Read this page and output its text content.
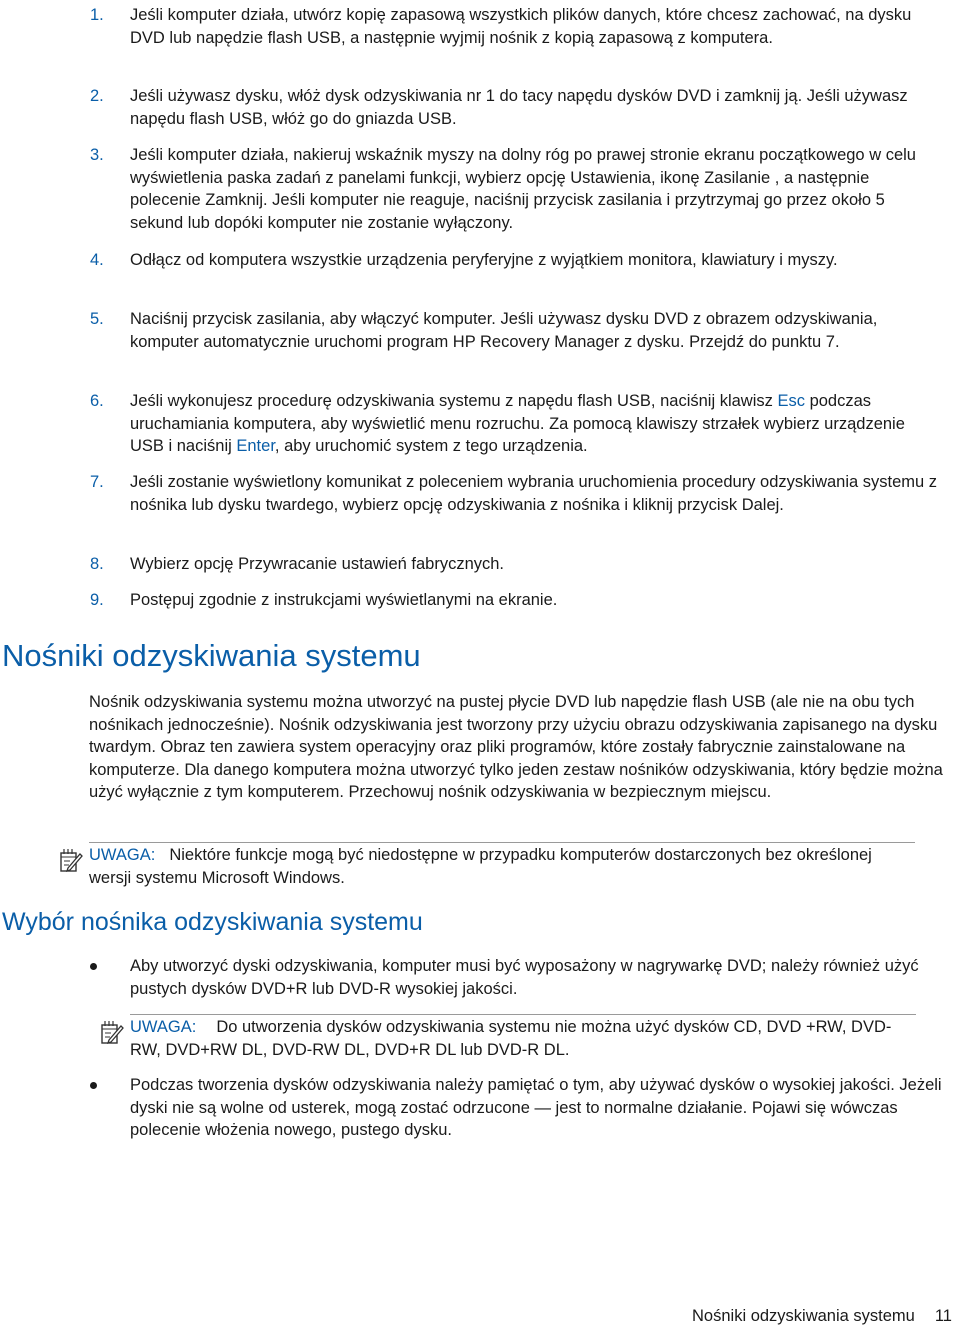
1. Jeśli komputer działa, utwórz kopię zapasową wszystkich plików danych, które chcesz zachować, na dysku DVD lub napędzie flash USB, a następnie wyjmij nośnik z kopią zapasową z komputera.
2. Jeśli używasz dysku, włóż dysk odzyskiwania nr 1 do tacy napędu dysków DVD i zamknij ją. Jeśli używasz napędu flash USB, włóż go do gniazda USB.
3. Jeśli komputer działa, nakieruj wskaźnik myszy na dolny róg po prawej stronie ekranu początkowego w celu wyświetlenia paska zadań z panelami funkcji, wybierz opcję Ustawienia, ikonę Zasilanie , a następnie polecenie Zamknij. Jeśli komputer nie reaguje, naciśnij przycisk zasilania i przytrzymaj go przez około 5 sekund lub dopóki komputer nie zostanie wyłączony.
4. Odłącz od komputera wszystkie urządzenia peryferyjne z wyjątkiem monitora, klawiatury i myszy.
5. Naciśnij przycisk zasilania, aby włączyć komputer. Jeśli używasz dysku DVD z obrazem odzyskiwania, komputer automatycznie uruchomi program HP Recovery Manager z dysku. Przejdź do punktu 7.
6. Jeśli wykonujesz procedurę odzyskiwania systemu z napędu flash USB, naciśnij klawisz Esc podczas uruchamiania komputera, aby wyświetlić menu rozruchu. Za pomocą klawiszy strzałek wybierz urządzenie USB i naciśnij Enter, aby uruchomić system z tego urządzenia.
7. Jeśli zostanie wyświetlony komunikat z poleceniem wybrania uruchomienia procedury odzyskiwania systemu z nośnika lub dysku twardego, wybierz opcję odzyskiwania z nośnika i kliknij przycisk Dalej.
8. Wybierz opcję Przywracanie ustawień fabrycznych.
9. Postępuj zgodnie z instrukcjami wyświetlanymi na ekranie.
Nośniki odzyskiwania systemu

Nośnik odzyskiwania systemu można utworzyć na pustej płycie DVD lub napędzie flash USB (ale nie na obu tych nośnikach jednocześnie). Nośnik odzyskiwania jest tworzony przy użyciu obrazu odzyskiwania zapisanego na dysku twardym. Obraz ten zawiera system operacyjny oraz pliki programów, które zostały fabrycznie zainstalowane na komputerze. Dla danego komputera można utworzyć tylko jeden zestaw nośników odzyskiwania, który będzie można użyć wyłącznie z tym komputerem. Przechowuj nośnik odzyskiwania w bezpiecznym miejscu.

UWAGA: Niektóre funkcje mogą być niedostępne w przypadku komputerów dostarczonych bez określonej wersji systemu Microsoft Windows.
Wybór nośnika odzyskiwania systemu
Aby utworzyć dyski odzyskiwania, komputer musi być wyposażony w nagrywarkę DVD; należy również użyć pustych dysków DVD+R lub DVD-R wysokiej jakości.
UWAGA: Do utworzenia dysków odzyskiwania systemu nie można użyć dysków CD, DVD +RW, DVD-RW, DVD+RW DL, DVD-RW DL, DVD+R DL lub DVD-R DL.
Podczas tworzenia dysków odzyskiwania należy pamiętać o tym, aby używać dysków o wysokiej jakości. Jeżeli dyski nie są wolne od usterek, mogą zostać odrzucone — jest to normalne działanie. Pojawi się wówczas polecenie włożenia nowego, pustego dysku.
Nośniki odzyskiwania systemu 11
